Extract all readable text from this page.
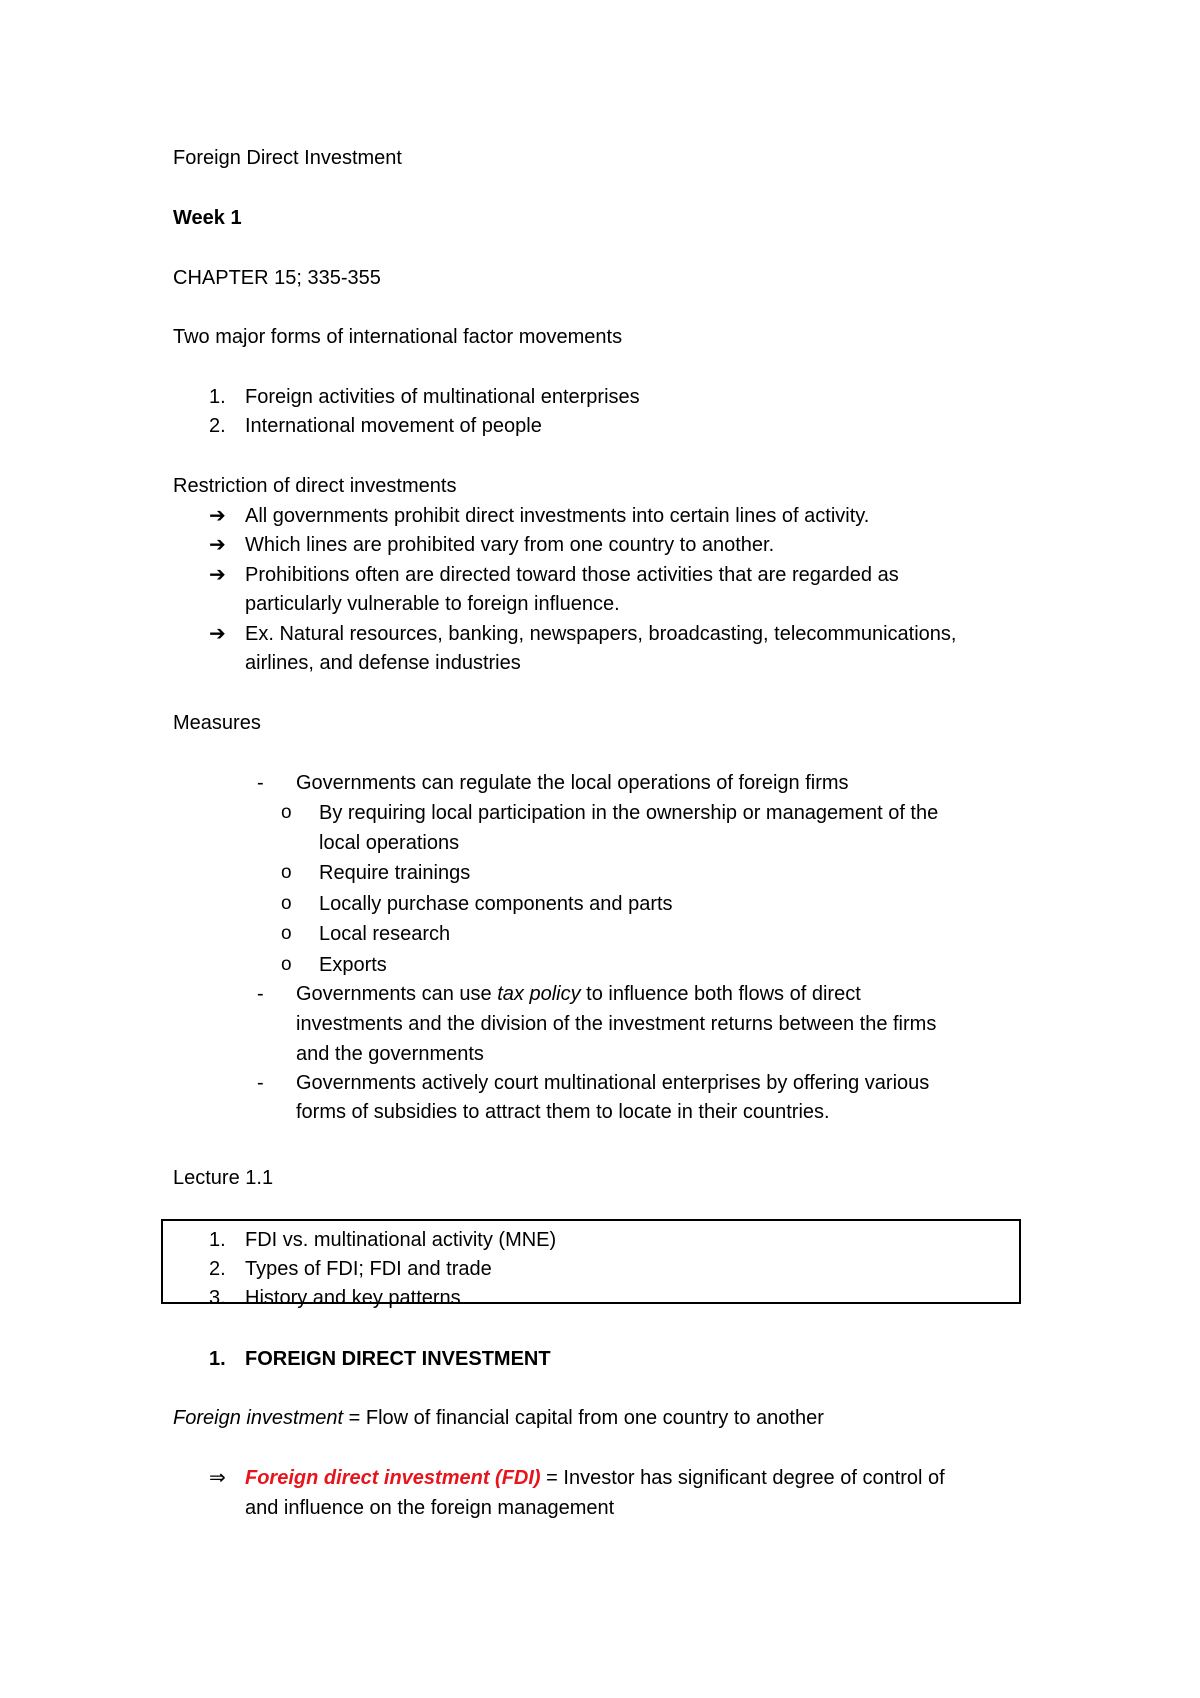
Foreign Direct Investment
Week 1
CHAPTER 15; 335-355
Two major forms of international factor movements
1. Foreign activities of multinational enterprises
2. International movement of people
Restriction of direct investments
➔ All governments prohibit direct investments into certain lines of activity.
➔ Which lines are prohibited vary from one country to another.
➔ Prohibitions often are directed toward those activities that are regarded as
particularly vulnerable to foreign influence.
➔ Ex. Natural resources, banking, newspapers, broadcasting, telecommunications,
airlines, and defense industries
Measures
- Governments can regulate the local operations of foreign firms
o By requiring local participation in the ownership or management of the
local operations
o Require trainings
o Locally purchase components and parts
o Local research
o Exports
- Governments can use tax policy to influence both flows of direct
investments and the division of the investment returns between the firms
and the governments
- Governments actively court multinational enterprises by offering various
forms of subsidies to attract them to locate in their countries.
Lecture 1.1
1. FDI vs. multinational activity (MNE)
2. Types of FDI; FDI and trade
3. History and key patterns
1. FOREIGN DIRECT INVESTMENT
Foreign investment = Flow of financial capital from one country to another
⇒ Foreign direct investment (FDI) = Investor has significant degree of control of
and influence on the foreign management
